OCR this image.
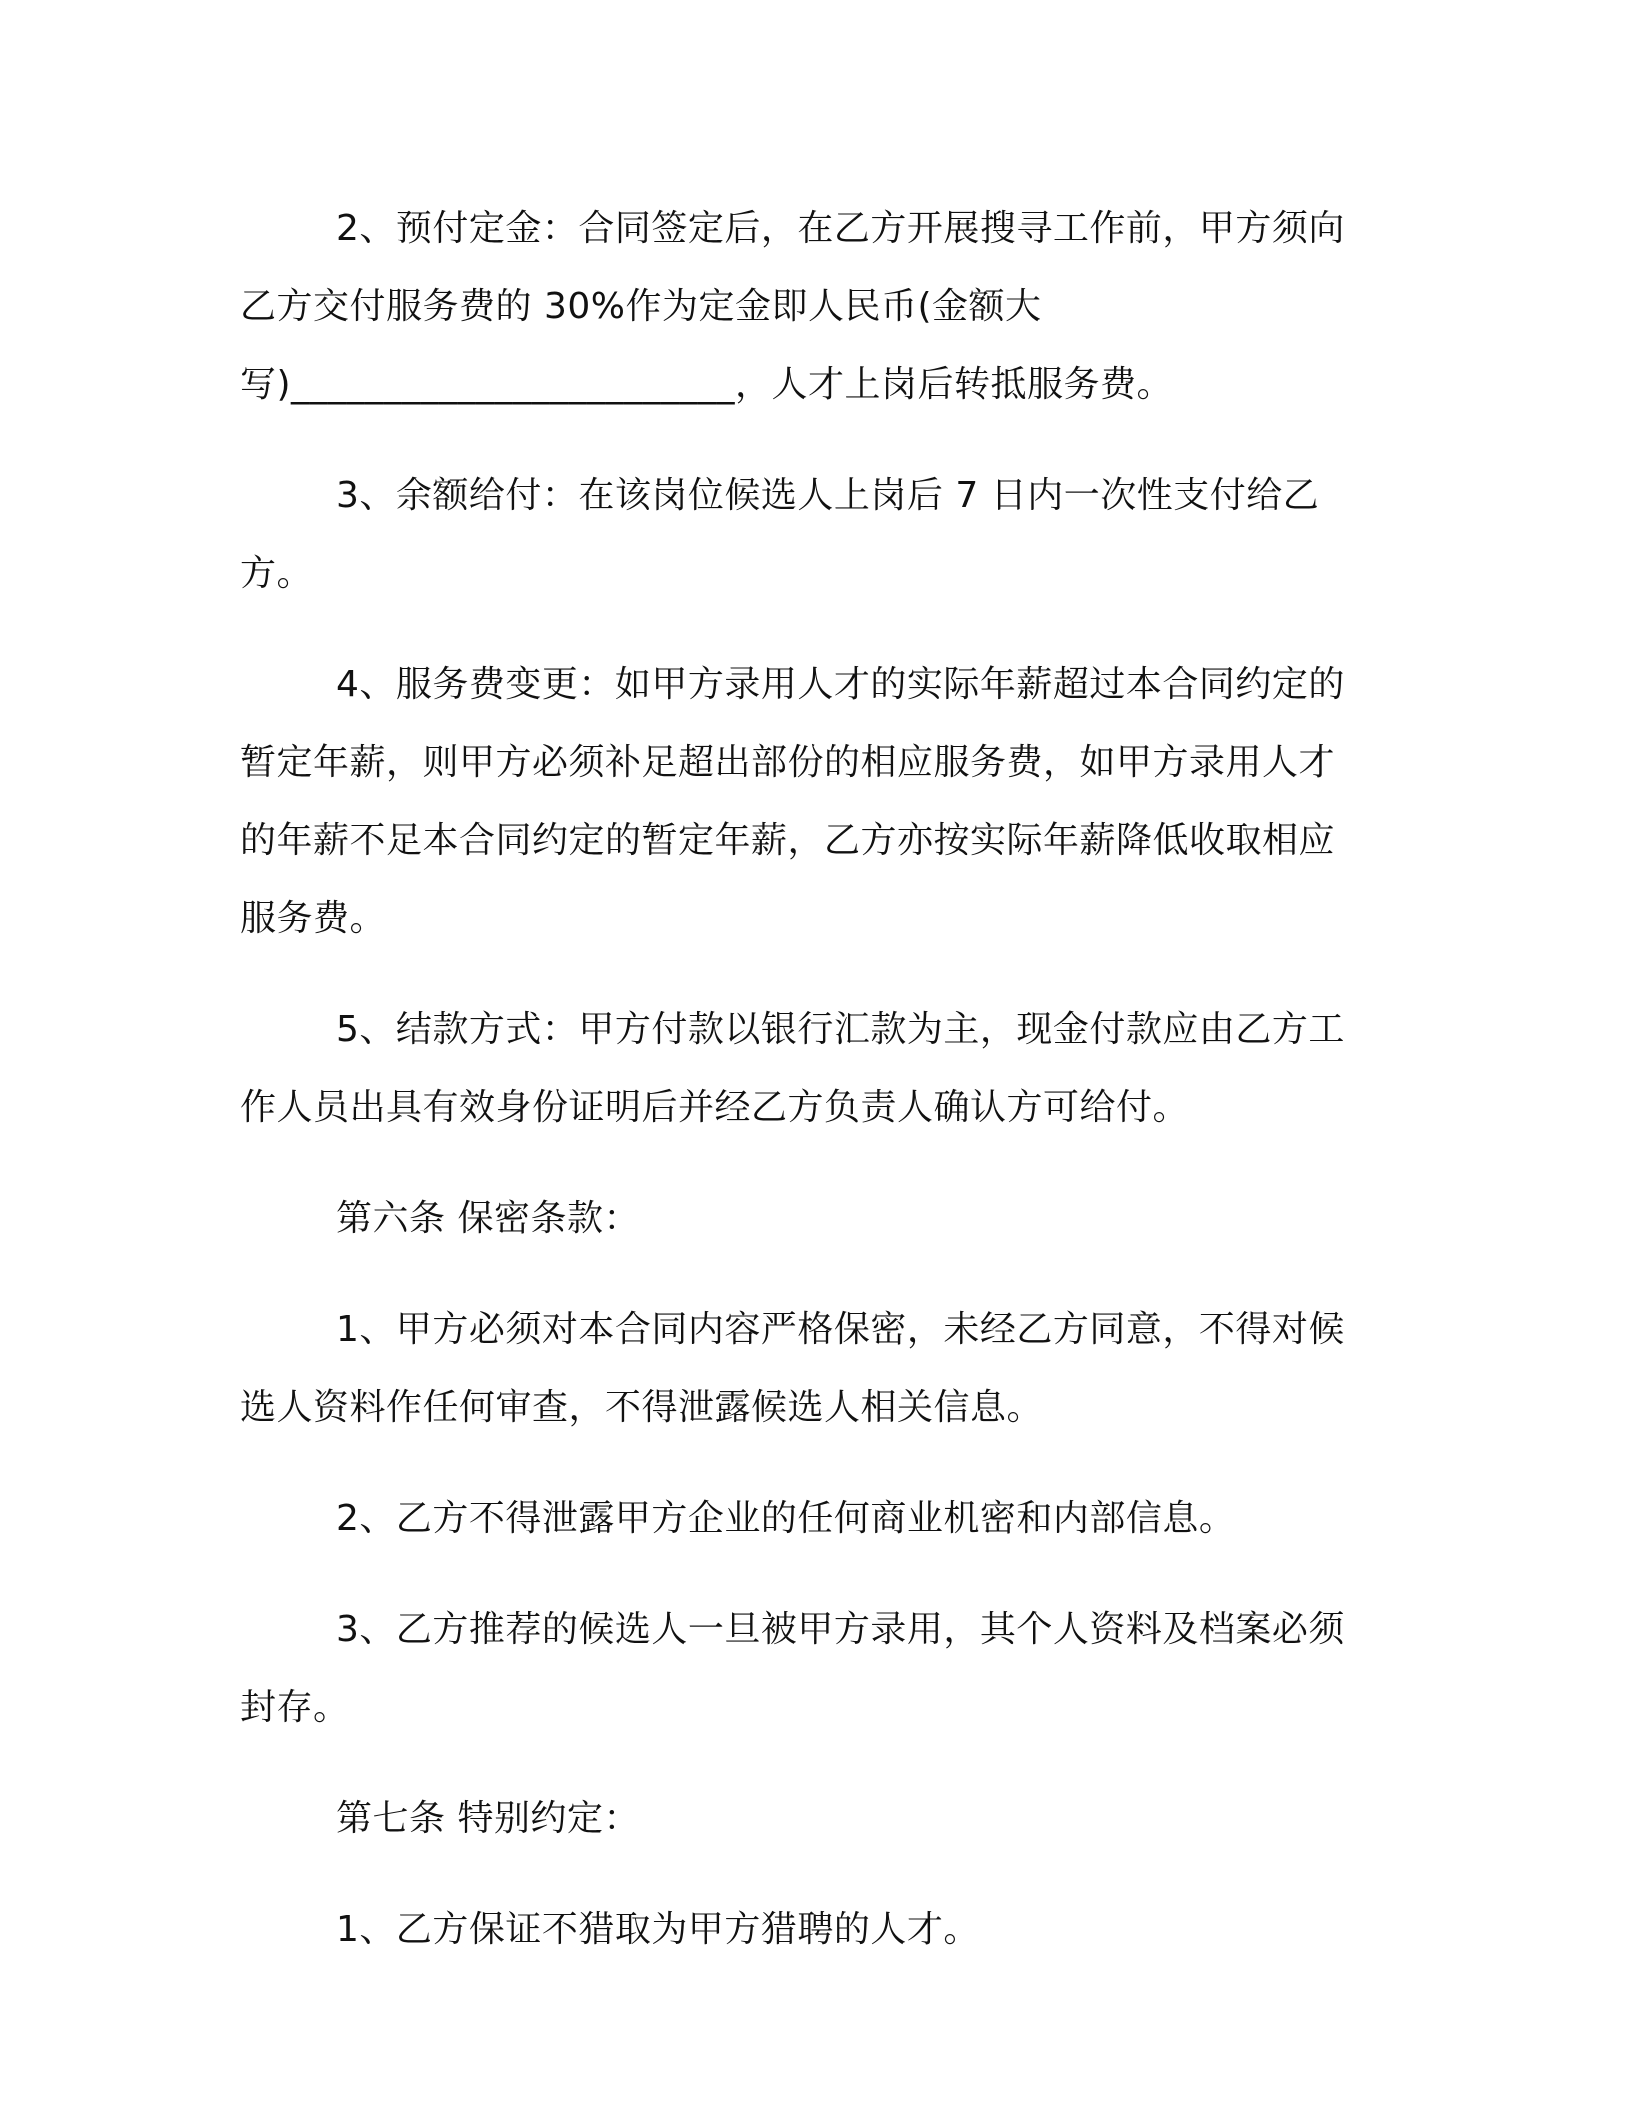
2、预付定金：合同签定后，在乙方开展搜寻工作前，甲方须向
乙方交付服务费的 30%作为定金即人民币(金额大
写)________________________，人才上岗后转抵服务费。

3、余额给付：在该岗位候选人上岗后 7 日内一次性支付给乙方。

4、服务费变更：如甲方录用人才的实际年薪超过本合同约定的
暂定年薪，则甲方必须补足超出部份的相应服务费，如甲方录用人才
的年薪不足本合同约定的暂定年薪，乙方亦按实际年薪降低收取相应
服务费。

5、结款方式：甲方付款以银行汇款为主，现金付款应由乙方工
作人员出具有效身份证明后并经乙方负责人确认方可给付。

第六条 保密条款：

1、甲方必须对本合同内容严格保密，未经乙方同意，不得对候
选人资料作任何审查，不得泄露候选人相关信息。

2、乙方不得泄露甲方企业的任何商业机密和内部信息。

3、乙方推荐的候选人一旦被甲方录用，其个人资料及档案必须
封存。

第七条 特别约定：

1、乙方保证不猎取为甲方猎聘的人才。
